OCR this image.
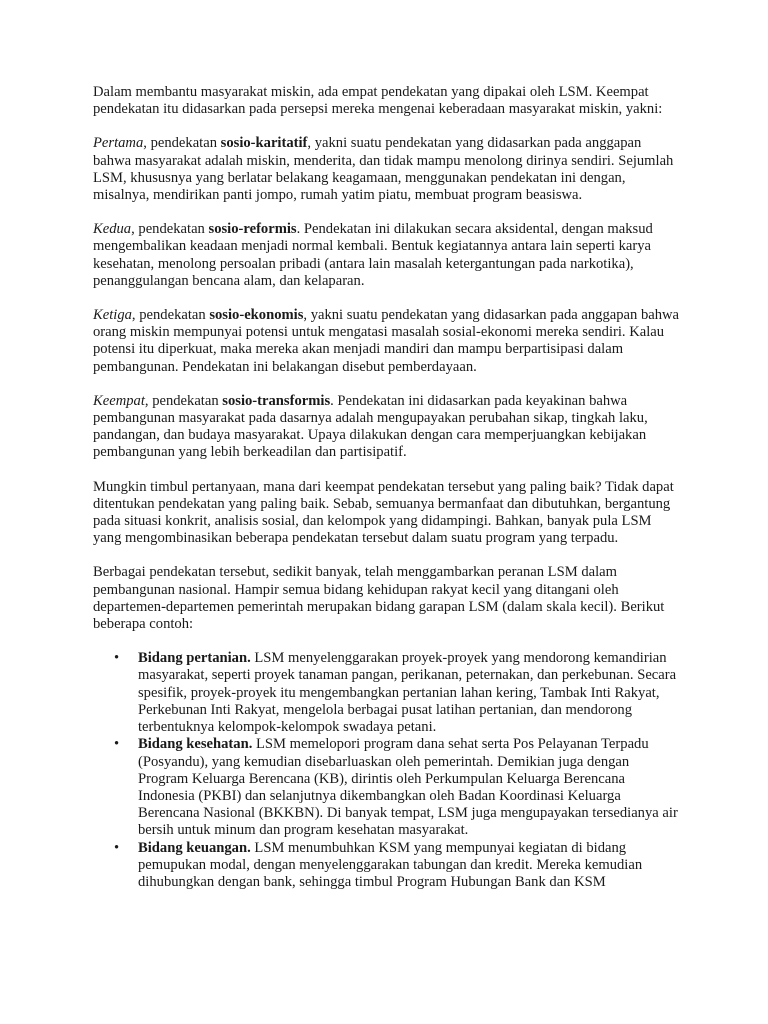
Dalam membantu masyarakat miskin, ada empat pendekatan yang dipakai oleh LSM. Keempat pendekatan itu didasarkan pada persepsi mereka mengenai keberadaan masyarakat miskin, yakni:

Pertama, pendekatan sosio-karitatif, yakni suatu pendekatan yang didasarkan pada anggapan bahwa masyarakat adalah miskin, menderita, dan tidak mampu menolong dirinya sendiri. Sejumlah LSM, khususnya yang berlatar belakang keagamaan, menggunakan pendekatan ini dengan, misalnya, mendirikan panti jompo, rumah yatim piatu, membuat program beasiswa.

Kedua, pendekatan sosio-reformis. Pendekatan ini dilakukan secara aksidental, dengan maksud mengembalikan keadaan menjadi normal kembali. Bentuk kegiatannya antara lain seperti karya kesehatan, menolong persoalan pribadi (antara lain masalah ketergantungan pada narkotika), penanggulangan bencana alam, dan kelaparan.

Ketiga, pendekatan sosio-ekonomis, yakni suatu pendekatan yang didasarkan pada anggapan bahwa orang miskin mempunyai potensi untuk mengatasi masalah sosial-ekonomi mereka sendiri. Kalau potensi itu diperkuat, maka mereka akan menjadi mandiri dan mampu berpartisipasi dalam pembangunan. Pendekatan ini belakangan disebut pemberdayaan.

Keempat, pendekatan sosio-transformis. Pendekatan ini didasarkan pada keyakinan bahwa pembangunan masyarakat pada dasarnya adalah mengupayakan perubahan sikap, tingkah laku, pandangan, dan budaya masyarakat. Upaya dilakukan dengan cara memperjuangkan kebijakan pembangunan yang lebih berkeadilan dan partisipatif.

Mungkin timbul pertanyaan, mana dari keempat pendekatan tersebut yang paling baik? Tidak dapat ditentukan pendekatan yang paling baik. Sebab, semuanya bermanfaat dan dibutuhkan, bergantung pada situasi konkrit, analisis sosial, dan kelompok yang didampingi. Bahkan, banyak pula LSM yang mengombinasikan beberapa pendekatan tersebut dalam suatu program yang terpadu.

Berbagai pendekatan tersebut, sedikit banyak, telah menggambarkan peranan LSM dalam pembangunan nasional. Hampir semua bidang kehidupan rakyat kecil yang ditangani oleh departemen-departemen pemerintah merupakan bidang garapan LSM (dalam skala kecil). Berikut beberapa contoh:

• Bidang pertanian. LSM menyelenggarakan proyek-proyek yang mendorong kemandirian masyarakat, seperti proyek tanaman pangan, perikanan, peternakan, dan perkebunan. Secara spesifik, proyek-proyek itu mengembangkan pertanian lahan kering, Tambak Inti Rakyat, Perkebunan Inti Rakyat, mengelola berbagai pusat latihan pertanian, dan mendorong terbentuknya kelompok-kelompok swadaya petani.
• Bidang kesehatan. LSM memelopori program dana sehat serta Pos Pelayanan Terpadu (Posyandu), yang kemudian disebarluaskan oleh pemerintah. Demikian juga dengan Program Keluarga Berencana (KB), dirintis oleh Perkumpulan Keluarga Berencana Indonesia (PKBI) dan selanjutnya dikembangkan oleh Badan Koordinasi Keluarga Berencana Nasional (BKKBN). Di banyak tempat, LSM juga mengupayakan tersedianya air bersih untuk minum dan program kesehatan masyarakat.
• Bidang keuangan. LSM menumbuhkan KSM yang mempunyai kegiatan di bidang pemupukan modal, dengan menyelenggarakan tabungan dan kredit. Mereka kemudian dihubungkan dengan bank, sehingga timbul Program Hubungan Bank dan KSM
